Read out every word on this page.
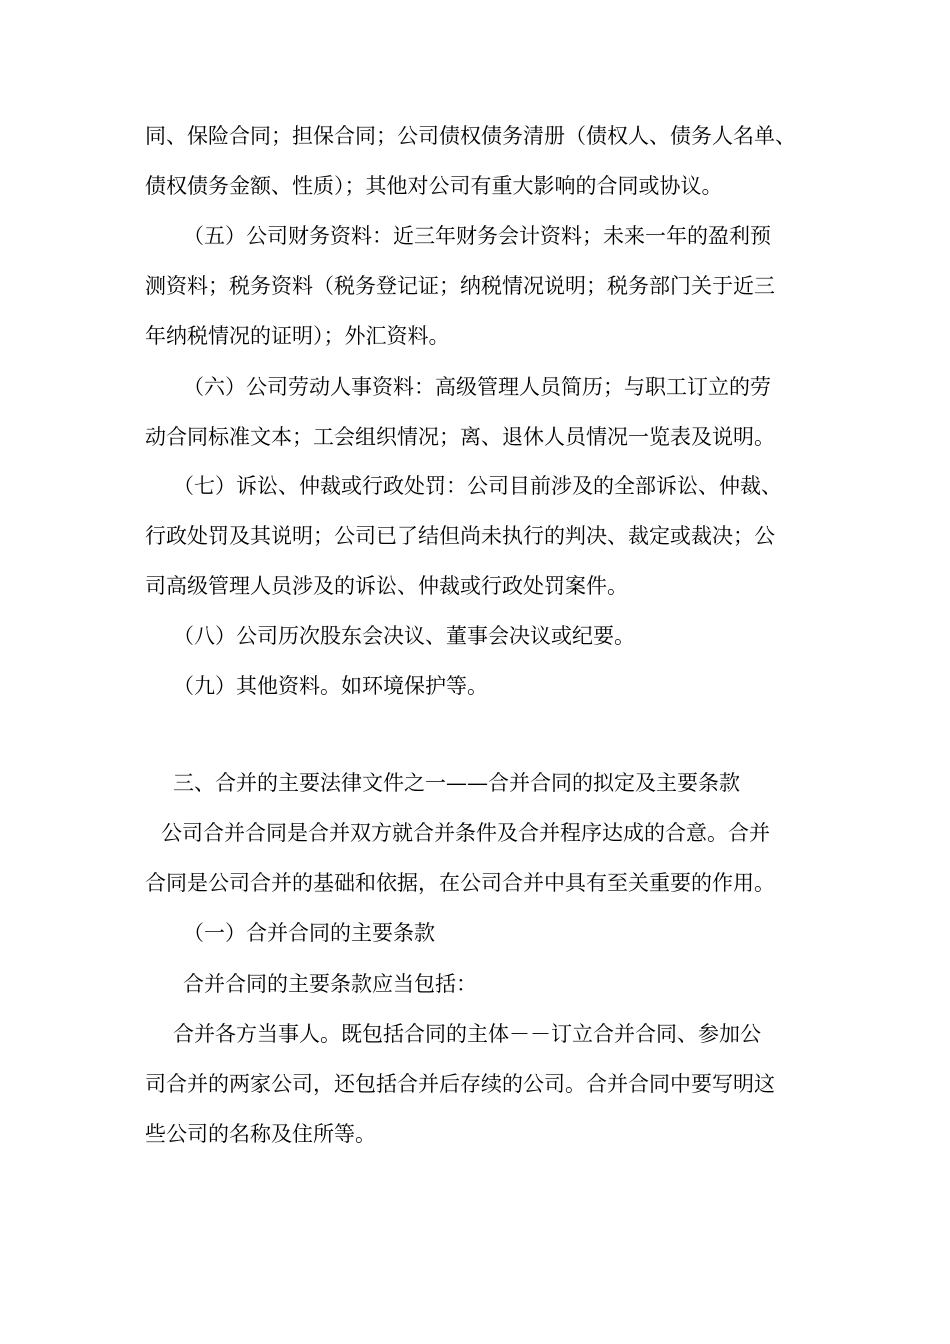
同、保险合同；担保合同；公司债权债务清册（债权人、债务人名单、
债权债务金额、性质）；其他对公司有重大影响的合同或协议。
（五）公司财务资料：近三年财务会计资料；未来一年的盈利预
测资料；税务资料（税务登记证；纳税情况说明；税务部门关于近三
年纳税情况的证明）；外汇资料。
（六）公司劳动人事资料：高级管理人员简历；与职工订立的劳
动合同标准文本；工会组织情况；离、退休人员情况一览表及说明。
（七）诉讼、仲裁或行政处罚：公司目前涉及的全部诉讼、仲裁、
行政处罚及其说明；公司已了结但尚未执行的判决、裁定或裁决；公
司高级管理人员涉及的诉讼、仲裁或行政处罚案件。
（八）公司历次股东会决议、董事会决议或纪要。
（九）其他资料。如环境保护等。
三、合并的主要法律文件之一——合并合同的拟定及主要条款
公司合并合同是合并双方就合并条件及合并程序达成的合意。合并
合同是公司合并的基础和依据，在公司合并中具有至关重要的作用。
（一）合并合同的主要条款
合并合同的主要条款应当包括：
合并各方当事人。既包括合同的主体－－订立合并合同、参加公
司合并的两家公司，还包括合并后存续的公司。合并合同中要写明这
些公司的名称及住所等。
